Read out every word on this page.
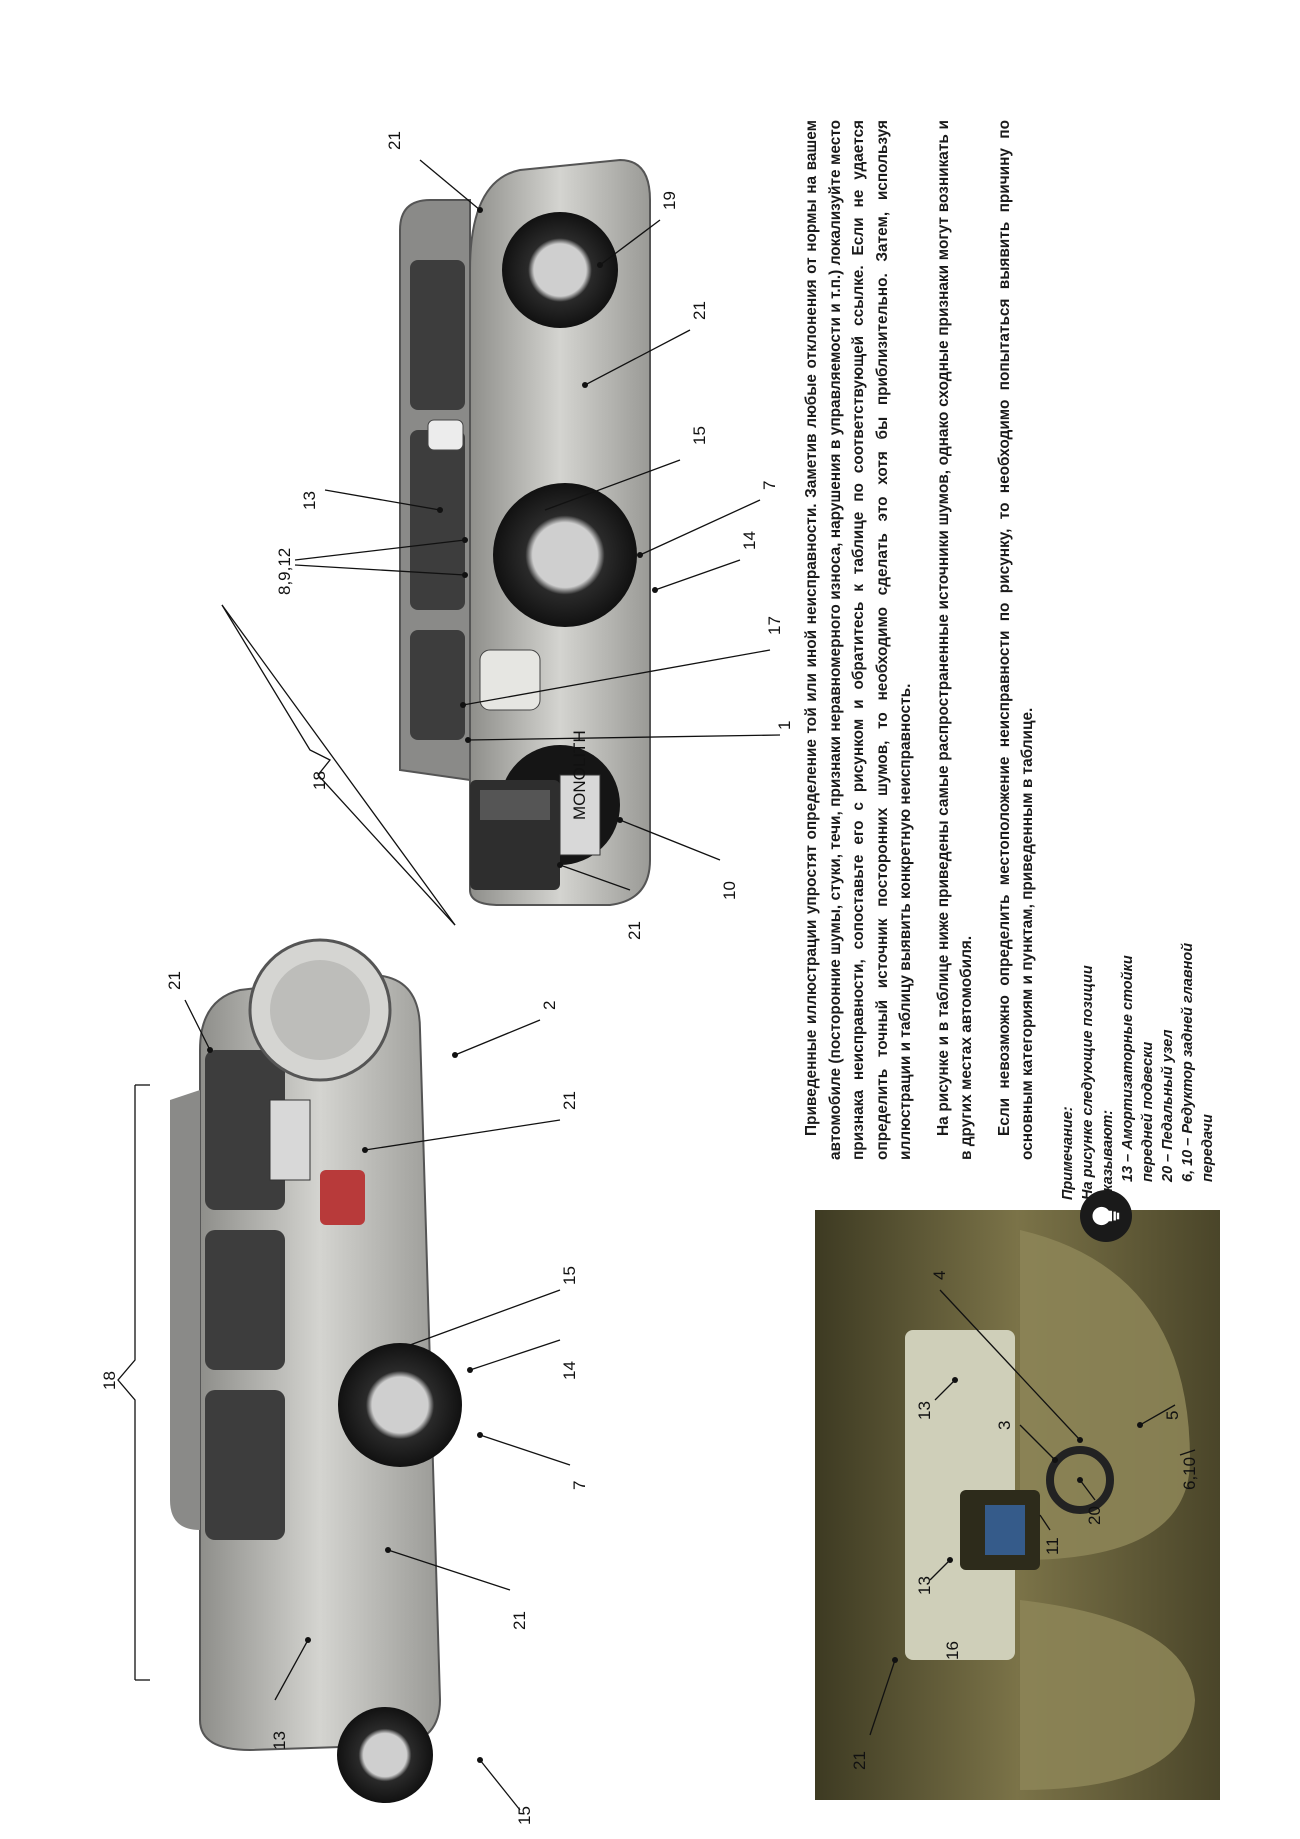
MONOLITH
21
19
21
15
7
14
17
1
10
21
18
8,9,12
13
21
2
21
15
14
7
21
15
13
18
4
13
3
5
6,10
20
11
13
16
21

Приведенные иллюстрации упростят определение той или иной неисправности. Заметив любые отклонения от нормы на вашем автомобиле (посторонние шумы, стуки, течи, признаки неравномерного износа, нарушения в управляемости и т.п.) локализуйте место признака неисправности, сопоставьте его с рисунком и обратитесь к таблице по соответствующей ссылке. Если не удается определить точный источник посторонних шумов, то необходимо сделать это хотя бы приблизительно. Затем, используя иллюстрации и таблицу выявить конкретную неисправность. На рисунке и в таблице ниже приведены самые распространенные источники шумов, однако сходные признаки могут возникать и в других местах автомобиля. Если невозможно определить местоположение неисправности по рисунку, то необходимо попытаться выявить причину по основным категориям и пунктам, приведенным в таблице. Примечание: На рисунке следующие позиции указывают: 13 – Амортизаторные стойки передней подвески 20 – Педальный узел 6, 10 – Редуктор задней главной передачи
